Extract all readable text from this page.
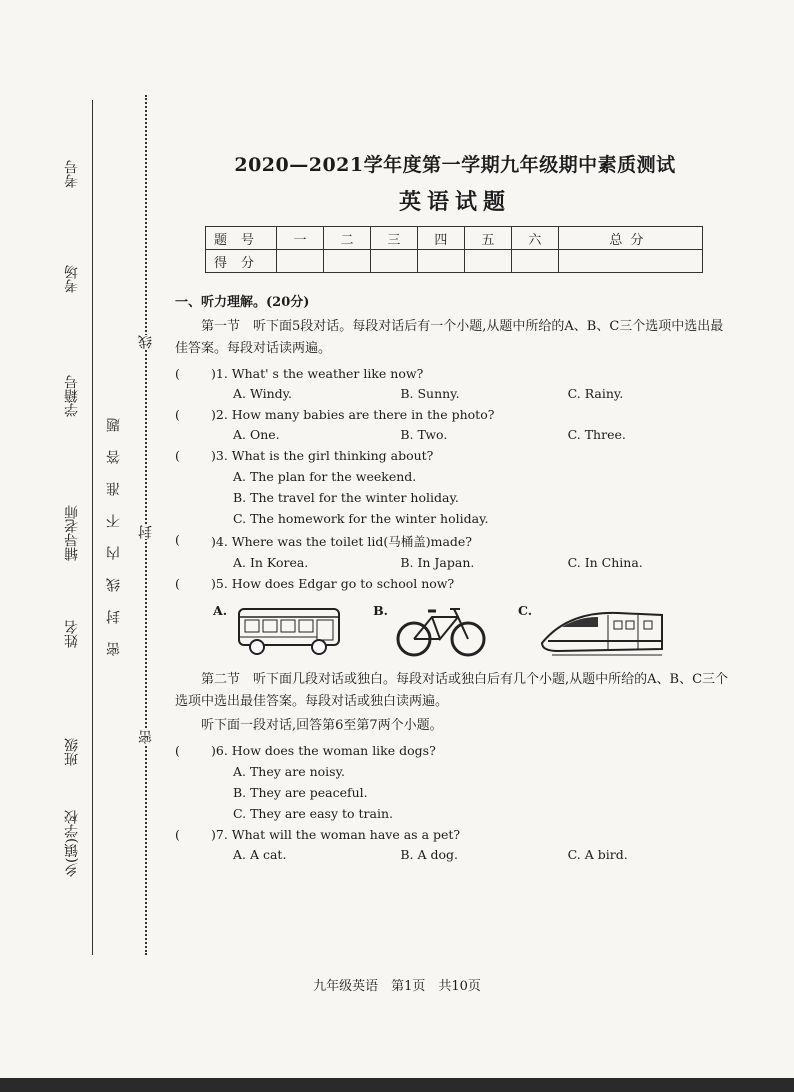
考号
考场
学籍号
辅导老师
姓名
班级
乡(镇)学校
密封线内不准答题
线
封
密
2020—2021学年度第一学期九年级期中素质测试
英语试题
题号	一	二	三	四	五	六	总分
得分							
一、听力理解。(20分)

第一节　听下面5段对话。每段对话后有一个小题,从题中所给的A、B、C三个选项中选出最佳答案。每段对话读两遍。

(	)1. What' s the weather like now?
A. Windy.	B. Sunny.	C. Rainy.
(	)2. How many babies are there in the photo?
A. One.	B. Two.	C. Three.
(	)3. What is the girl thinking about?
A. The plan for the weekend.
B. The travel for the winter holiday.
C. The homework for the winter holiday.
(	)4. Where was the toilet lid(马桶盖)made?
A. In Korea.	B. In Japan.	C. In China.
(	)5. How does Edgar go to school now?
A.	B.	C.

第二节　听下面几段对话或独白。每段对话或独白后有几个小题,从题中所给的A、B、C三个选项中选出最佳答案。每段对话或独白读两遍。

听下面一段对话,回答第6至第7两个小题。

(	)6. How does the woman like dogs?
A. They are noisy.
B. They are peaceful.
C. They are easy to train.
(	)7. What will the woman have as a pet?
A. A cat.	B. A dog.	C. A bird.
九年级英语　第1页　共10页
